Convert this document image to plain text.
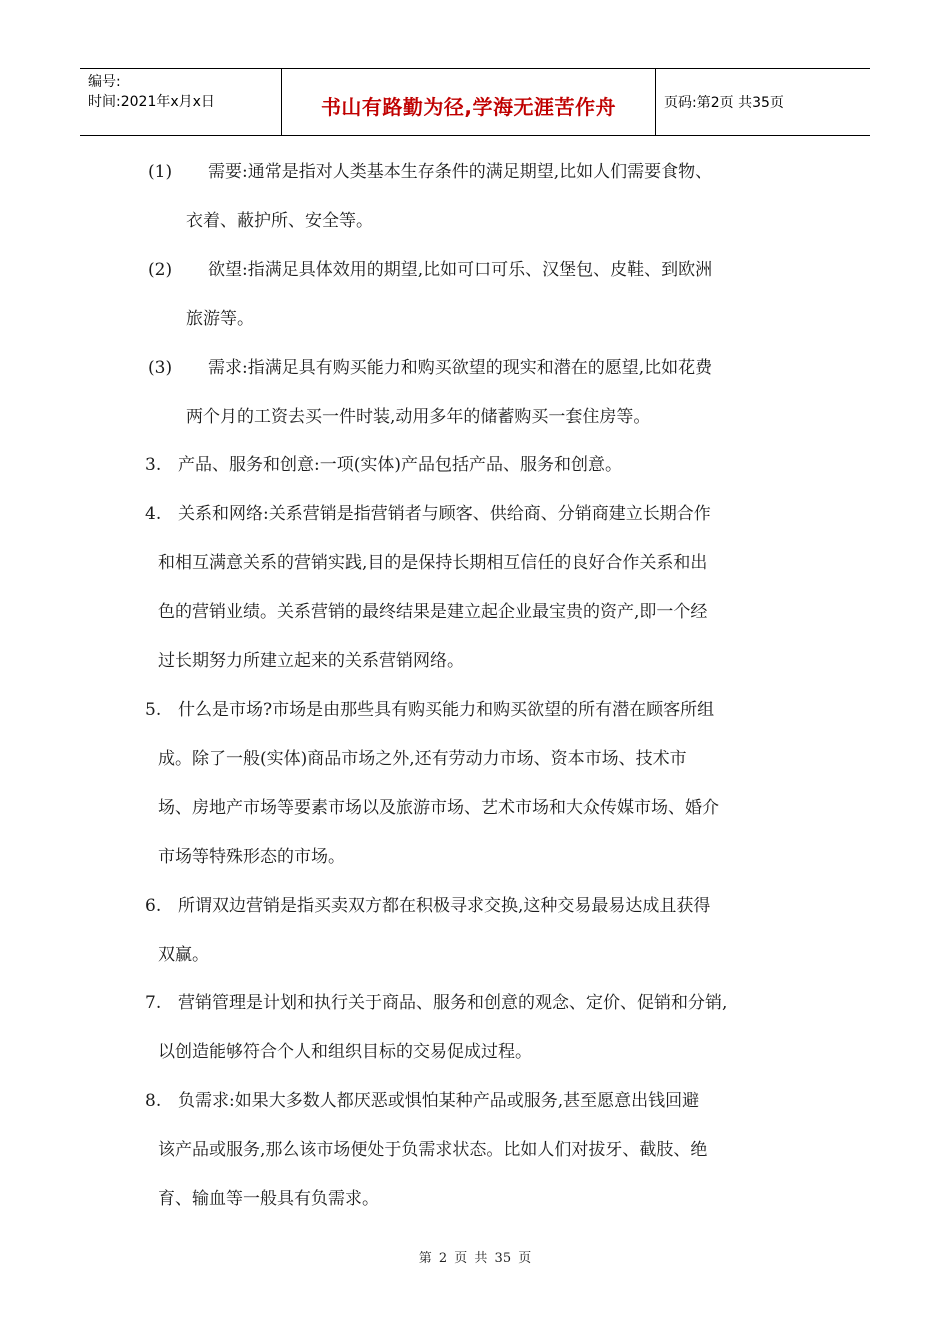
编号:
时间:2021年x月x日	书山有路勤为径,学海无涯苦作舟	页码:第2页 共35页
(1) 需要:通常是指对人类基本生存条件的满足期望,比如人们需要食物、
衣着、蔽护所、安全等。
(2) 欲望:指满足具体效用的期望,比如可口可乐、汉堡包、皮鞋、到欧洲
旅游等。
(3) 需求:指满足具有购买能力和购买欲望的现实和潜在的愿望,比如花费
两个月的工资去买一件时装,动用多年的储蓄购买一套住房等。
3. 产品、服务和创意:一项(实体)产品包括产品、服务和创意。
4. 关系和网络:关系营销是指营销者与顾客、供给商、分销商建立长期合作
和相互满意关系的营销实践,目的是保持长期相互信任的良好合作关系和出
色的营销业绩。关系营销的最终结果是建立起企业最宝贵的资产,即一个经
过长期努力所建立起来的关系营销网络。
5. 什么是市场?市场是由那些具有购买能力和购买欲望的所有潜在顾客所组
成。除了一般(实体)商品市场之外,还有劳动力市场、资本市场、技术市
场、房地产市场等要素市场以及旅游市场、艺术市场和大众传媒市场、婚介
市场等特殊形态的市场。
6. 所谓双边营销是指买卖双方都在积极寻求交换,这种交易最易达成且获得
双赢。
7. 营销管理是计划和执行关于商品、服务和创意的观念、定价、促销和分销,
以创造能够符合个人和组织目标的交易促成过程。
8. 负需求:如果大多数人都厌恶或惧怕某种产品或服务,甚至愿意出钱回避
该产品或服务,那么该市场便处于负需求状态。比如人们对拔牙、截肢、绝
育、输血等一般具有负需求。
第 2 页 共 35 页
